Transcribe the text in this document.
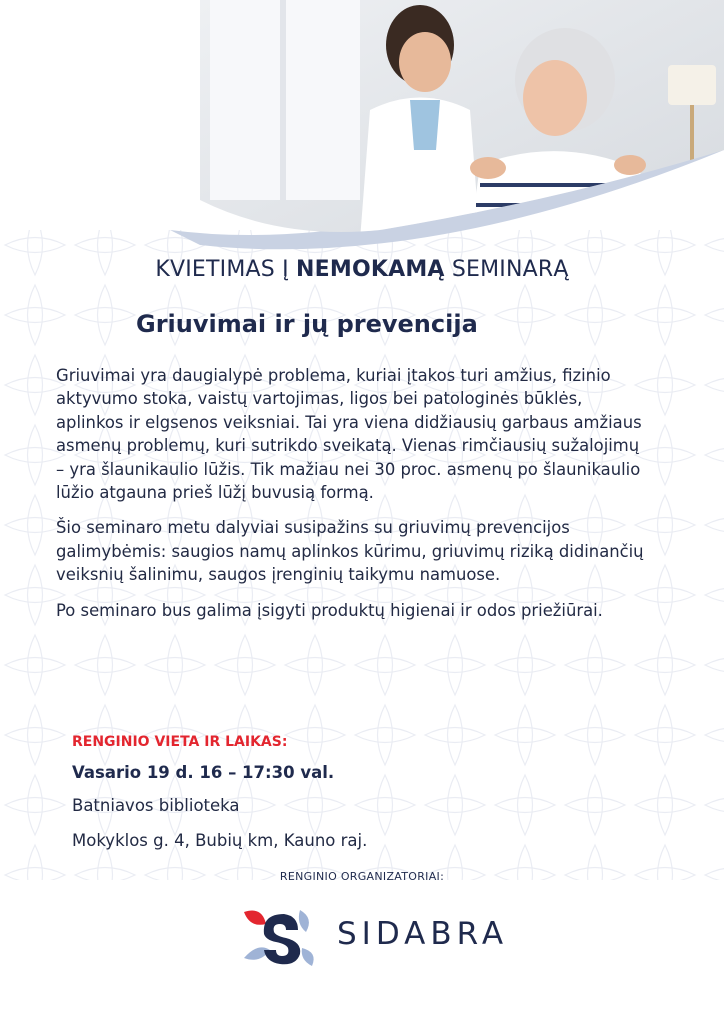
KVIETIMAS Į NEMOKAMĄ SEMINARĄ
Griuvimai ir jų prevencija

Griuvimai yra daugialypė problema, kuriai įtakos turi amžius, fizinio aktyvumo stoka, vaistų vartojimas, ligos bei patologinės būklės, aplinkos ir elgsenos veiksniai. Tai yra viena didžiausių garbaus amžiaus asmenų problemų, kuri sutrikdo sveikatą. Vienas rimčiausių sužalojimų – yra šlaunikaulio lūžis. Tik mažiau nei 30 proc. asmenų po šlaunikaulio lūžio atgauna prieš lūžį buvusią formą.

Šio seminaro metu dalyviai susipažins su griuvimų prevencijos galimybėmis: saugios namų aplinkos kūrimu, griuvimų riziką didinančių veiksnių šalinimu, saugos įrenginių taikymu namuose.

Po seminaro bus galima įsigyti produktų higienai ir odos priežiūrai.

RENGINIO VIETA IR LAIKAS:
Vasario 19 d. 16 – 17:30 val.
Batniavos biblioteka
Mokyklos g. 4, Bubių km, Kauno raj.
RENGINIO ORGANIZATORIAI:
SIDABRA
